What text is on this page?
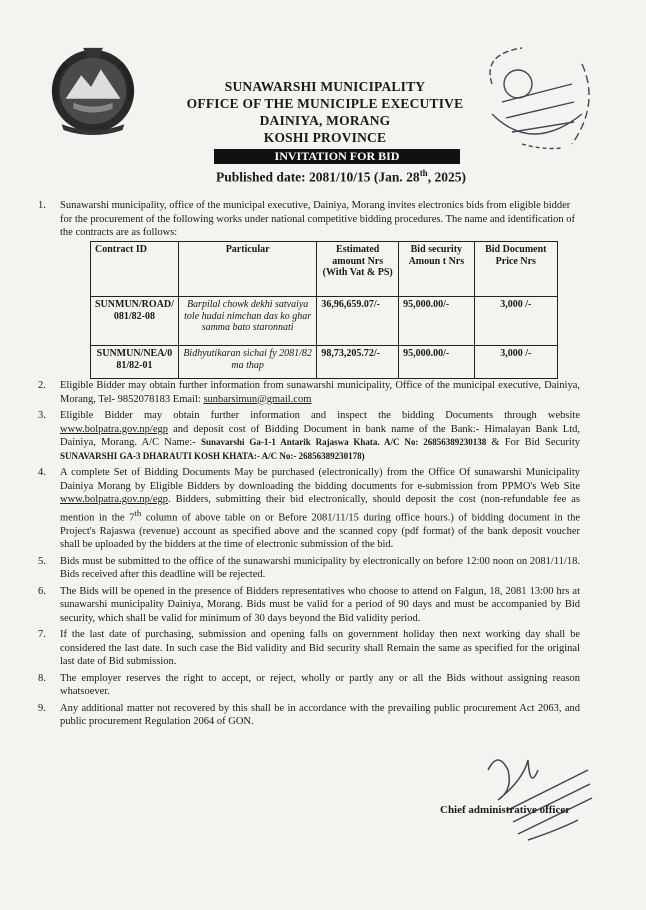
SUNAWARSHI MUNICIPALITY
OFFICE OF THE MUNICIPLE EXECUTIVE
DAINIYA, MORANG
KOSHI PROVINCE
INVITATION FOR BID
Published date: 2081/10/15 (Jan. 28th, 2025)
1. Sunawarshi municipality, office of the municipal executive, Dainiya, Morang invites electronics bids from eligible bidder for the procurement of the following works under national competitive bidding procedures. The name and identification of the contracts are as follows:
Contract ID	Particular	Estimated amount Nrs (With Vat & PS)	Bid security Amoun t Nrs	Bid Document Price Nrs
SUNMUN/ROAD/ 081/82-08	Barpilal chowk dekhi satvaiya tole hudai nimchan das ko ghar samma bato staronnati	36,96,659.07/-	95,000.00/-	3,000 /-
SUNMUN/NEA/0 81/82-01	Bidhyutikaran sichai fy 2081/82 ma thap	98,73,205.72/-	95,000.00/-	3,000 /-
2. Eligible Bidder may obtain further information from sunawarshi municipality, Office of the municipal executive, Dainiya, Morang, Tel- 9852078183 Email: sunbarsimun@gmail.com
3. Eligible Bidder may obtain further information and inspect the bidding Documents through website www.bolpatra.gov.np/egp and deposit cost of Bidding Document in bank name of the Bank:- Himalayan Bank Ltd, Dainiya, Morang. A/C Name:- Sunavarshi Ga-1-1 Antarik Rajaswa Khata. A/C No: 26856389230138 & For Bid Security SUNAVARSHI GA-3 DHARAUTI KOSH KHATA:- A/C No:- 26856389230178)
4. A complete Set of Bidding Documents May be purchased (electronically) from the Office Of sunawarshi Municipality Dainiya Morang by Eligible Bidders by downloading the bidding documents for e-submission from PPMO's Web Site www.bolpatra.gov.np/egp. Bidders, submitting their bid electronically, should deposit the cost (non-refundable fee as mention in the 7th column of above table on or Before 2081/11/15 during office hours.) of bidding document in the Project's Rajaswa (revenue) account as specified above and the scanned copy (pdf format) of the bank deposit voucher shall be uploaded by the bidders at the time of electronic submission of the bid.
5. Bids must be submitted to the office of the sunawarshi municipality by electronically on before 12:00 noon on 2081/11/18. Bids received after this deadline will be rejected.
6. The Bids will be opened in the presence of Bidders representatives who choose to attend on Falgun, 18, 2081 13:00 hrs at sunawarshi municipality Dainiya, Morang. Bids must be valid for a period of 90 days and must be accompanied by Bid security, which shall be valid for minimum of 30 days beyond the Bid validity period.
7. If the last date of purchasing, submission and opening falls on government holiday then next working day shall be considered the last date. In such case the Bid validity and Bid security shall Remain the same as specified for the original last date of Bid submission.
8. The employer reserves the right to accept, or reject, wholly or partly any or all the Bids without assigning reason whatsoever.
9. Any additional matter not recovered by this shall be in accordance with the prevailing public procurement Act 2063, and public procurement Regulation 2064 of GON.
Chief administrative officer
